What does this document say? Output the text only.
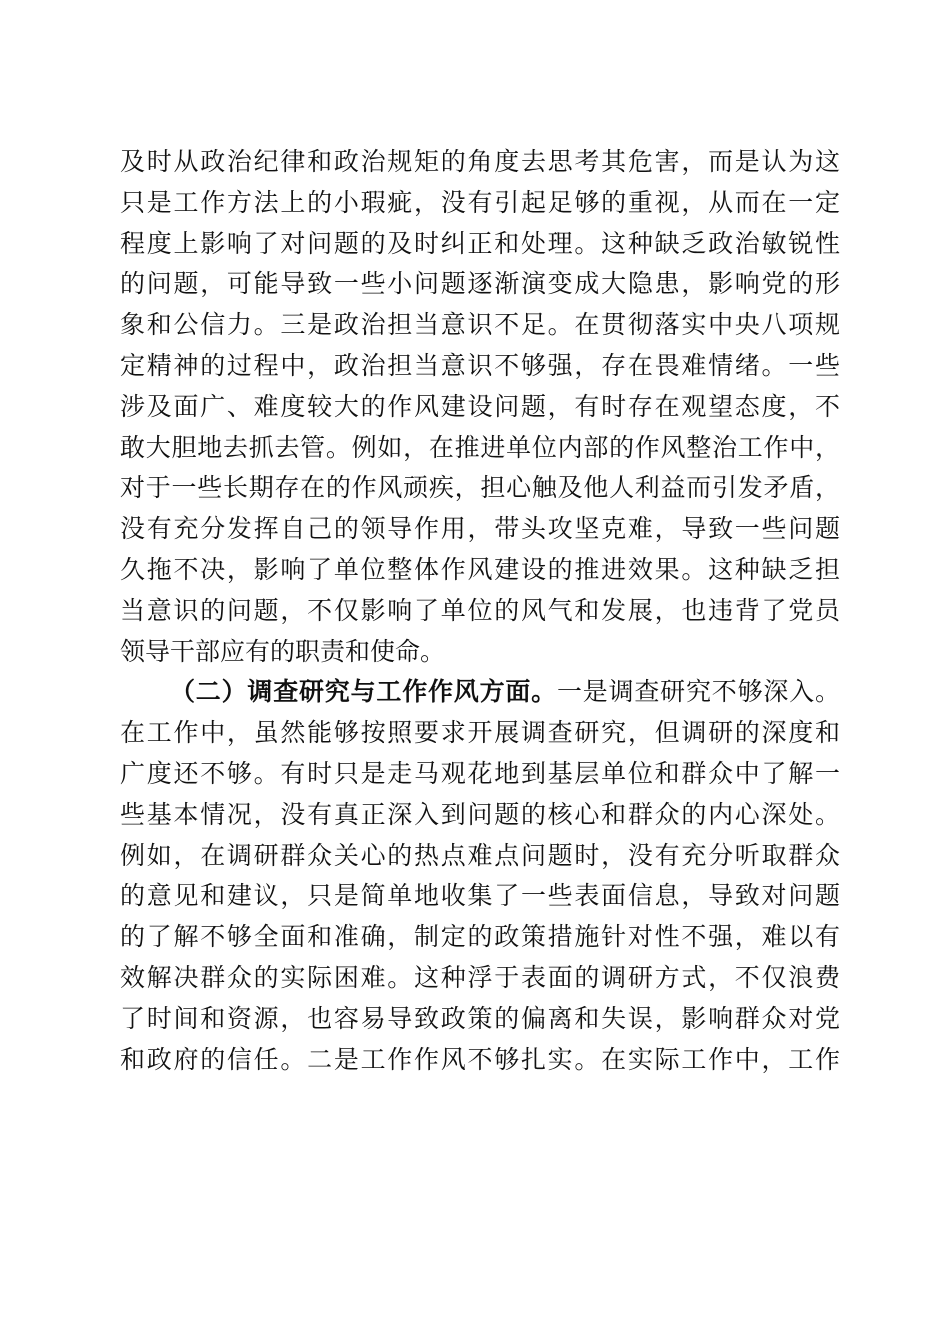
及时从政治纪律和政治规矩的角度去思考其危害，而是认为这
只是工作方法上的小瑕疵，没有引起足够的重视，从而在一定
程度上影响了对问题的及时纠正和处理。这种缺乏政治敏锐性
的问题，可能导致一些小问题逐渐演变成大隐患，影响党的形
象和公信力。三是政治担当意识不足。在贯彻落实中央八项规
定精神的过程中，政治担当意识不够强，存在畏难情绪。一些
涉及面广、难度较大的作风建设问题，有时存在观望态度，不
敢大胆地去抓去管。例如，在推进单位内部的作风整治工作中，
对于一些长期存在的作风顽疾，担心触及他人利益而引发矛盾，
没有充分发挥自己的领导作用，带头攻坚克难，导致一些问题
久拖不决，影响了单位整体作风建设的推进效果。这种缺乏担
当意识的问题，不仅影响了单位的风气和发展，也违背了党员
领导干部应有的职责和使命。
（二）调查研究与工作作风方面。一是调查研究不够深入。
在工作中，虽然能够按照要求开展调查研究，但调研的深度和
广度还不够。有时只是走马观花地到基层单位和群众中了解一
些基本情况，没有真正深入到问题的核心和群众的内心深处。
例如，在调研群众关心的热点难点问题时，没有充分听取群众
的意见和建议，只是简单地收集了一些表面信息，导致对问题
的了解不够全面和准确，制定的政策措施针对性不强，难以有
效解决群众的实际困难。这种浮于表面的调研方式，不仅浪费
了时间和资源，也容易导致政策的偏离和失误，影响群众对党
和政府的信任。二是工作作风不够扎实。在实际工作中，工作
